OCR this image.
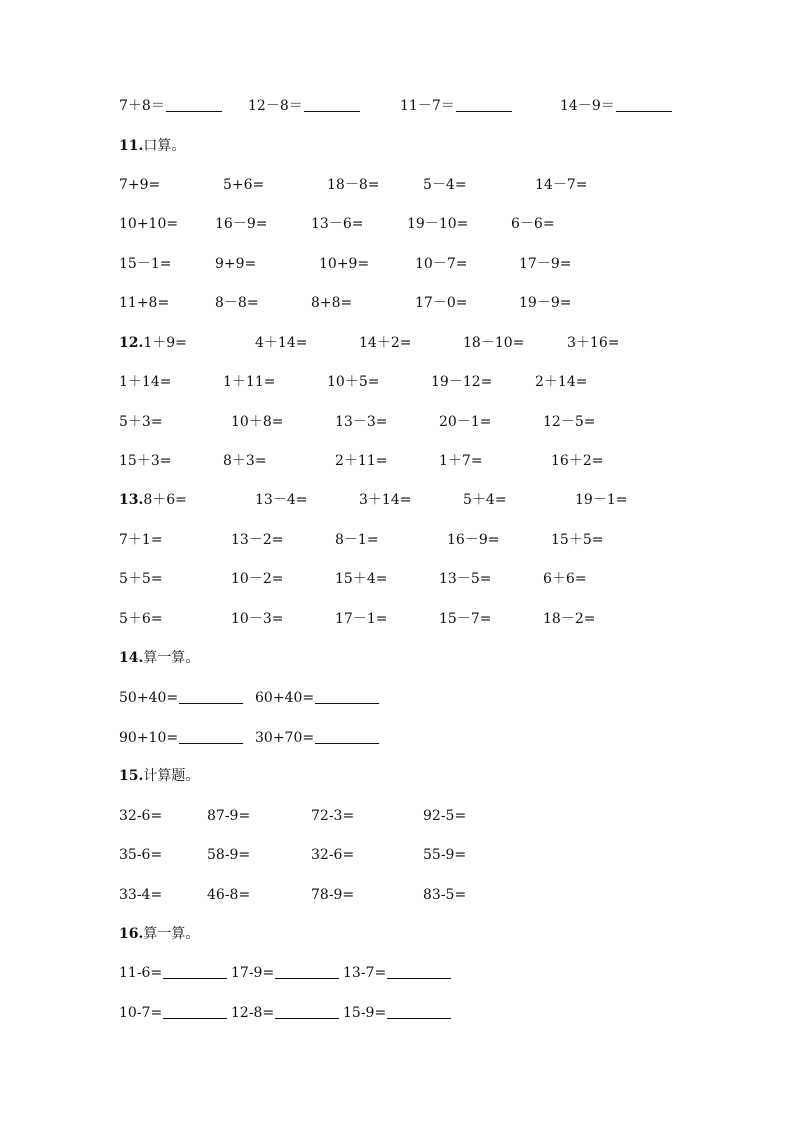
7＋8＝	12－8＝	11－7＝	14－9＝
11.口算。
7+9=	5+6=	18－8=	5－4=	14－7=
10+10=	16－9=	13－6=	19－10=	6－6=
15－1=	9+9=	10+9=	10－7=	17－9=
11+8=	8－8=	8+8=	17－0=	19－9=
12.1＋9=	4＋14=	14＋2=	18－10=	3＋16=
1＋14=	1＋11=	10＋5=	19－12=	2＋14=
5＋3=	10＋8=	13－3=	20－1=	12－5=
15＋3=	8＋3=	2＋11=	1＋7=	16＋2=
13.8＋6=	13－4=	3＋14=	5＋4=	19－1=
7＋1=	13－2=	8－1=	16－9=	15＋5=
5＋5=	10－2=	15＋4=	13－5=	6＋6=
5＋6=	10－3=	17－1=	15－7=	18－2=
14.算一算。
50+40=	60+40=
90+10=	30+70=
15.计算题。
32-6=	87-9=	72-3=	92-5=
35-6=	58-9=	32-6=	55-9=
33-4=	46-8=	78-9=	83-5=
16.算一算。
11-6=	17-9=	13-7=
10-7=	12-8=	15-9=
